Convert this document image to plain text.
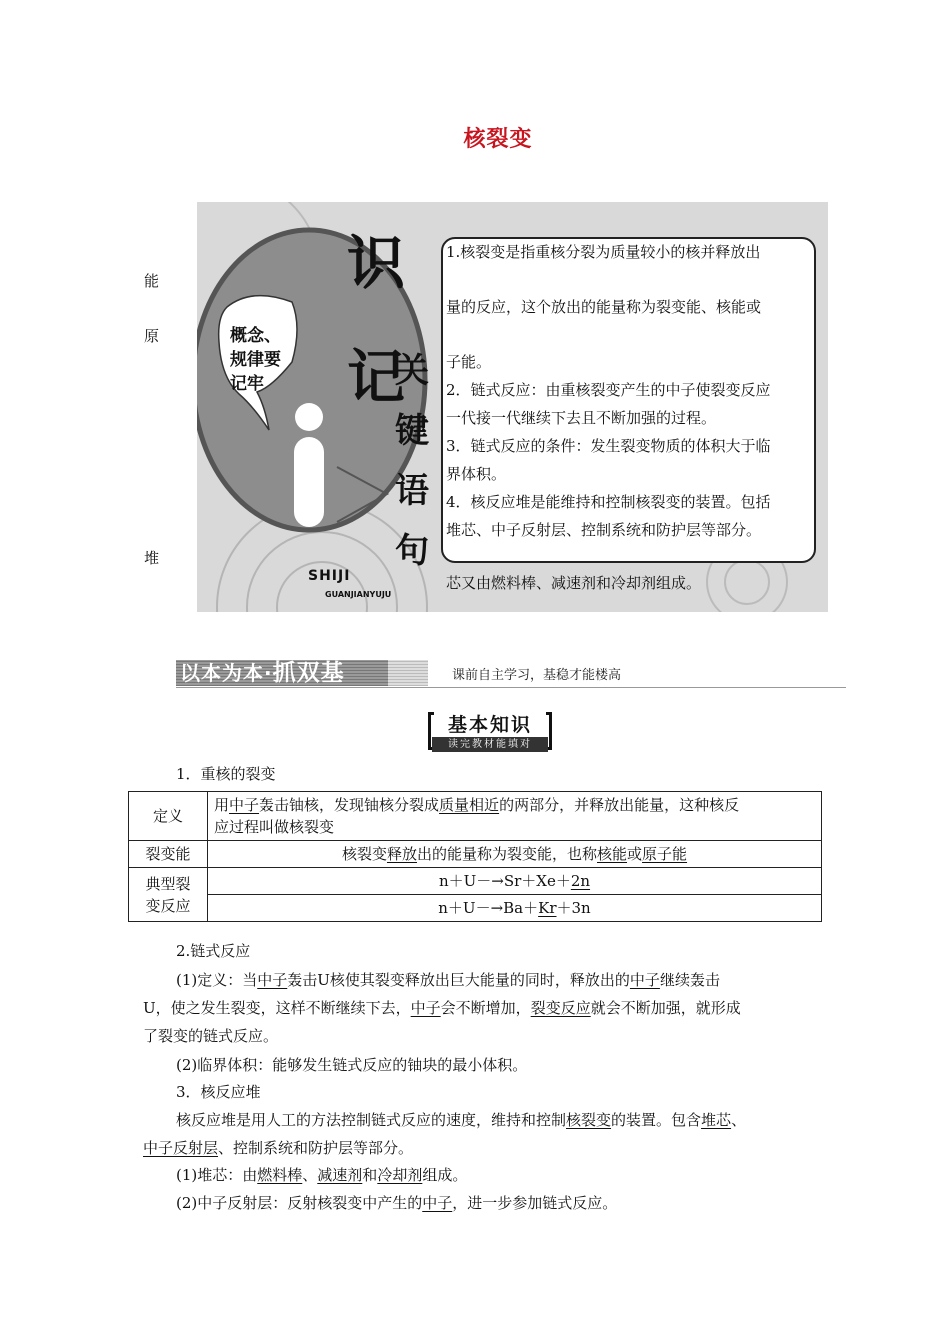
核裂变
能
原
堆
概念、规律要记牢
识
记
关
键
语
句
SHIJI
GUANJIANYUJU
1.核裂变是指重核分裂为质量较小的核并释放出
量的反应，这个放出的能量称为裂变能、核能或
子能。
2．链式反应：由重核裂变产生的中子使裂变反应
一代接一代继续下去且不断加强的过程。
3．链式反应的条件：发生裂变物质的体积大于临
界体积。
4．核反应堆是能维持和控制核裂变的装置。包括
堆芯、中子反射层、控制系统和防护层等部分。
芯又由燃料棒、减速剂和冷却剂组成。
以本为本·抓双基	课前自主学习，基稳才能楼高
基本知识
读完教材能填对
1．重核的裂变
定义	用中子轰击铀核，发现铀核分裂成质量相近的两部分，并释放出能量，这种核反
应过程叫做核裂变
裂变能	核裂变释放出的能量称为裂变能，也称核能或原子能
典型裂
变反应	n＋U－→Sr＋Xe＋2n
	n＋U－→Ba＋Kr＋3n
2.链式反应
(1)定义：当中子轰击U核使其裂变释放出巨大能量的同时，释放出的中子继续轰击
U，使之发生裂变，这样不断继续下去，中子会不断增加，裂变反应就会不断加强，就形成
了裂变的链式反应。
(2)临界体积：能够发生链式反应的铀块的最小体积。
3．核反应堆
核反应堆是用人工的方法控制链式反应的速度，维持和控制核裂变的装置。包含堆芯、
中子反射层、控制系统和防护层等部分。
(1)堆芯：由燃料棒、减速剂和冷却剂组成。
(2)中子反射层：反射核裂变中产生的中子，进一步参加链式反应。
